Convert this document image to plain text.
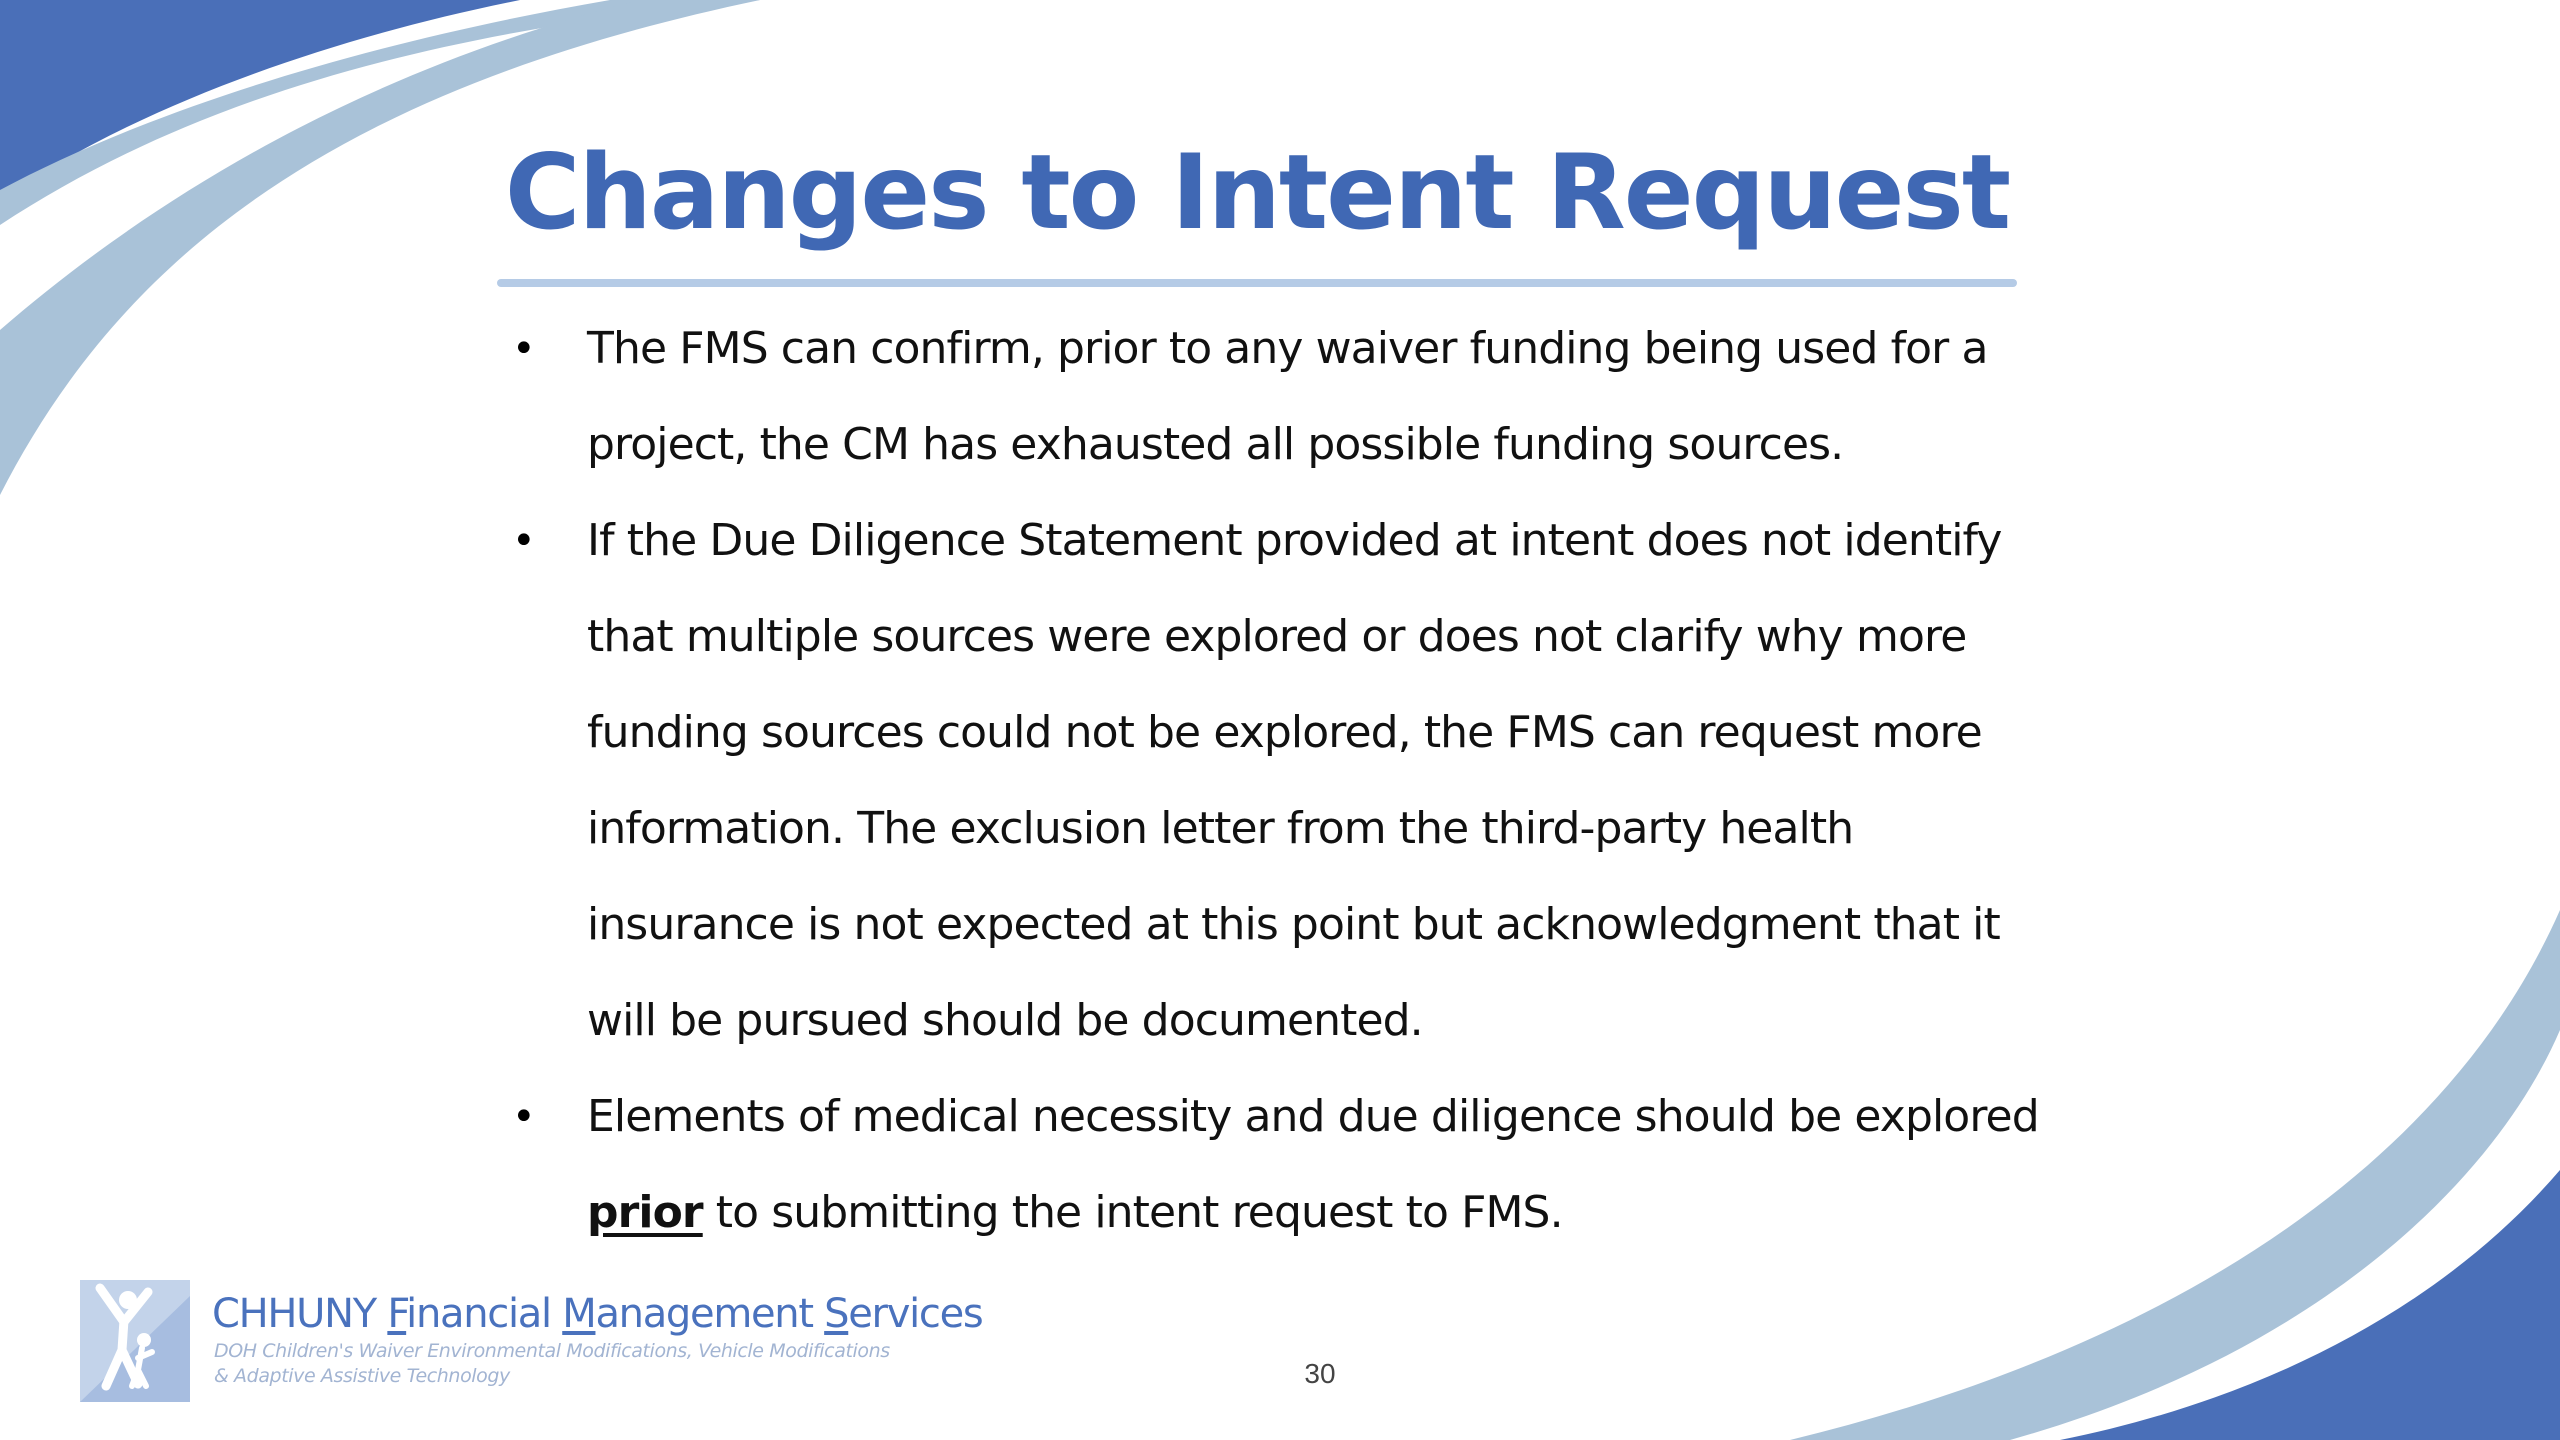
Changes to Intent Request
• The FMS can confirm, prior to any waiver funding being used for a
project, the CM has exhausted all possible funding sources.
• If the Due Diligence Statement provided at intent does not identify
that multiple sources were explored or does not clarify why more
funding sources could not be explored, the FMS can request more
information. The exclusion letter from the third-party health
insurance is not expected at this point but acknowledgment that it
will be pursued should be documented.
• Elements of medical necessity and due diligence should be explored
prior to submitting the intent request to FMS.
CHHUNY Financial Management Services
DOH Children's Waiver Environmental Modifications, Vehicle Modifications
& Adaptive Assistive Technology	30
